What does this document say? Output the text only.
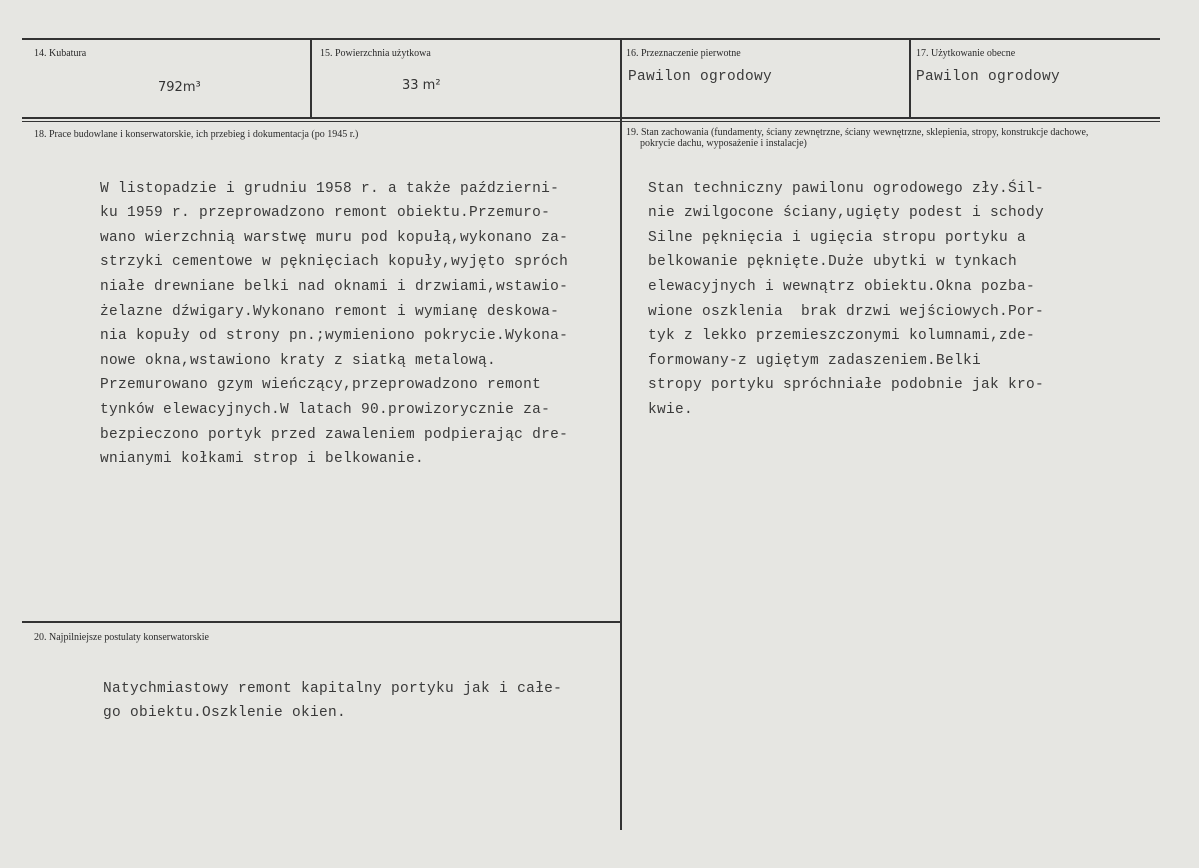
14. Kubatura
792m³
15. Powierzchnia użytkowa
33 m²
16. Przeznaczenie pierwotne
Pawilon ogrodowy
17. Użytkowanie obecne
Pawilon ogrodowy
18. Prace budowlane i konserwatorskie, ich przebieg i dokumentacja (po 1945 r.)

W listopadzie i grudniu 1958 r. a także październi-
ku 1959 r. przeprowadzono remont obiektu.Przemuro-
wano wierzchnią warstwę muru pod kopułą,wykonano za-
strzyki cementowe w pęknięciach kopuły,wyjęto spróch
niałe drewniane belki nad oknami i drzwiami,wstawio-
żelazne dźwigary.Wykonano remont i wymianę deskowa-
nia kopuły od strony pn.;wymieniono pokrycie.Wykona-
nowe okna,wstawiono kraty z siatką metalową.
Przemurowano gzym wieńczący,przeprowadzono remont
tynków elewacyjnych.W latach 90.prowizorycznie za-
bezpieczono portyk przed zawaleniem podpierając dre-
wnianymi kołkami strop i belkowanie.

19. Stan zachowania (fundamenty, ściany zewnętrzne, ściany wewnętrzne, sklepienia, stropy, konstrukcje dachowe,
pokrycie dachu, wyposażenie i instalacje)

Stan techniczny pawilonu ogrodowego zły.Śil-
nie zwilgocone ściany,ugięty podest i schody
Silne pęknięcia i ugięcia stropu portyku a
belkowanie pęknięte.Duże ubytki w tynkach
elewacyjnych i wewnątrz obiektu.Okna pozba-
wione oszklenia  brak drzwi wejściowych.Por-
tyk z lekko przemieszczonymi kolumnami,zde-
formowany-z ugiętym zadaszeniem.Belki
stropy portyku spróchniałe podobnie jak kro-
kwie.

20. Najpilniejsze postulaty konserwatorskie

Natychmiastowy remont kapitalny portyku jak i całe-
go obiektu.Oszklenie okien.
